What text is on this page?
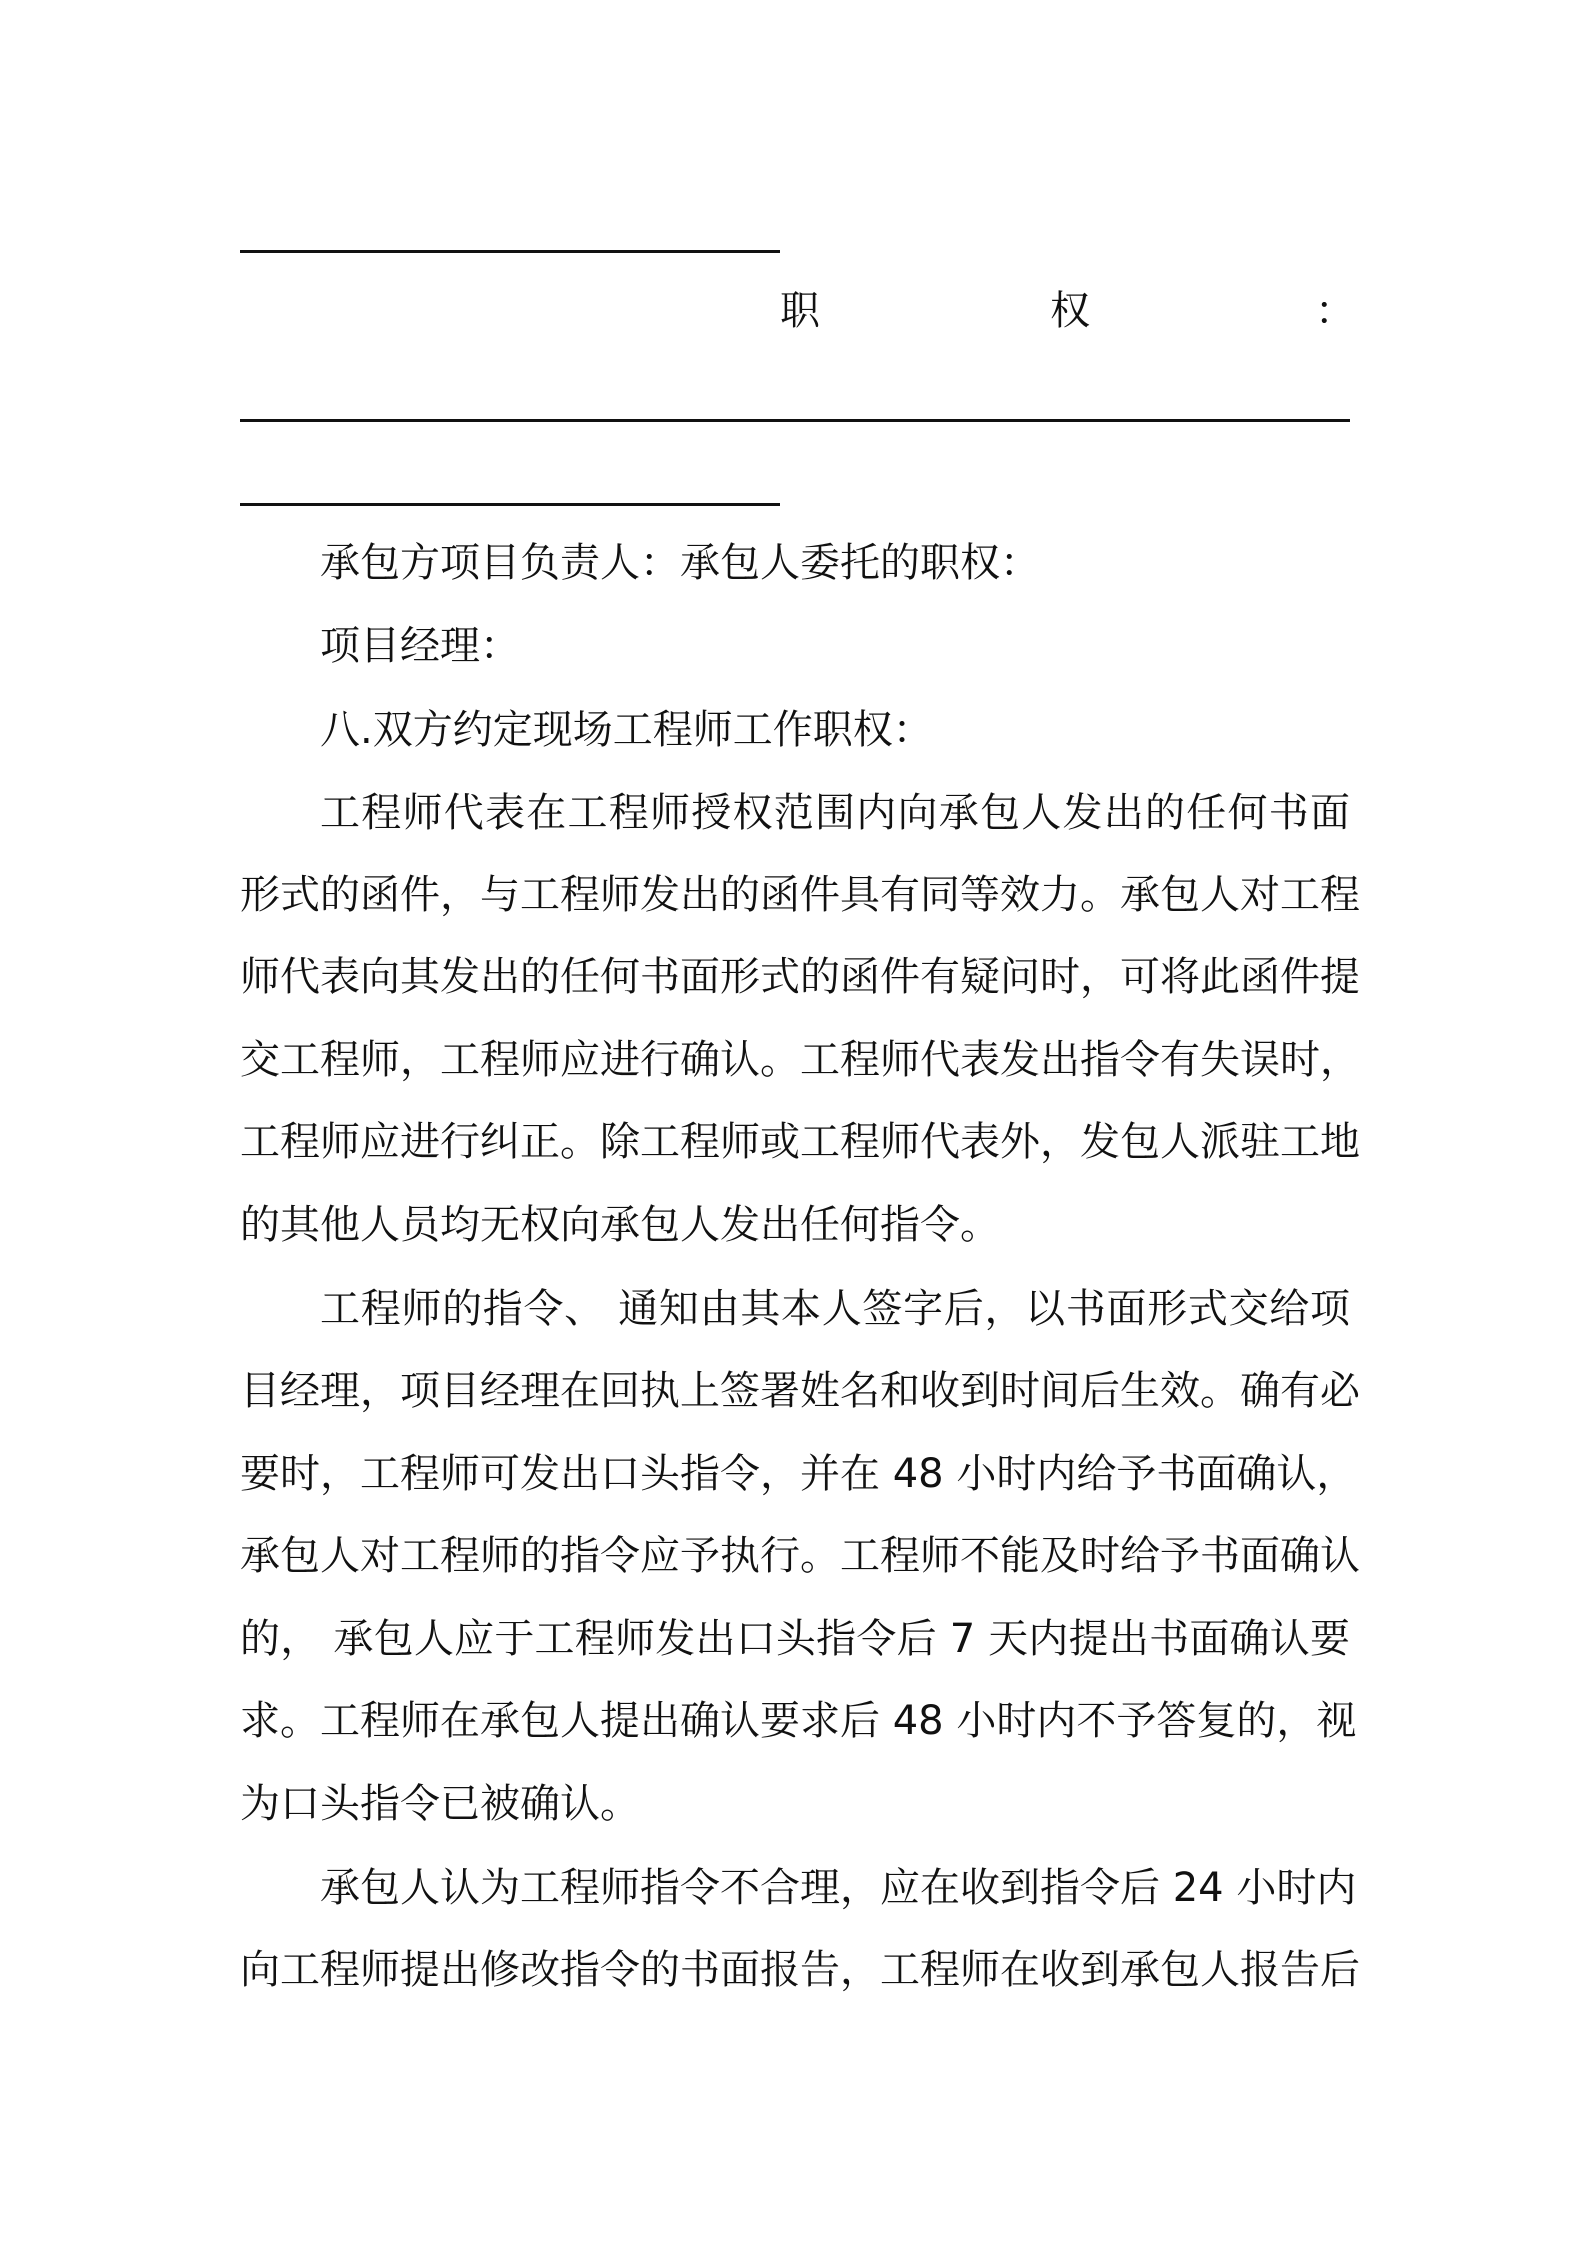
职	权	：
承包方项目负责人：承包人委托的职权：
项目经理：
八.双方约定现场工程师工作职权：
工程师代表在工程师授权范围内向承包人发出的任何书面
形式的函件，与工程师发出的函件具有同等效力。承包人对工程
师代表向其发出的任何书面形式的函件有疑问时，可将此函件提
交工程师，工程师应进行确认。工程师代表发出指令有失误时，
工程师应进行纠正。除工程师或工程师代表外，发包人派驻工地
的其他人员均无权向承包人发出任何指令。
工程师的指令、 通知由其本人签字后，以书面形式交给项
目经理，项目经理在回执上签署姓名和收到时间后生效。确有必
要时，工程师可发出口头指令，并在 48 小时内给予书面确认，
承包人对工程师的指令应予执行。工程师不能及时给予书面确认
的， 承包人应于工程师发出口头指令后 7 天内提出书面确认要
求。工程师在承包人提出确认要求后 48 小时内不予答复的，视
为口头指令已被确认。
承包人认为工程师指令不合理，应在收到指令后 24 小时内
向工程师提出修改指令的书面报告，工程师在收到承包人报告后
